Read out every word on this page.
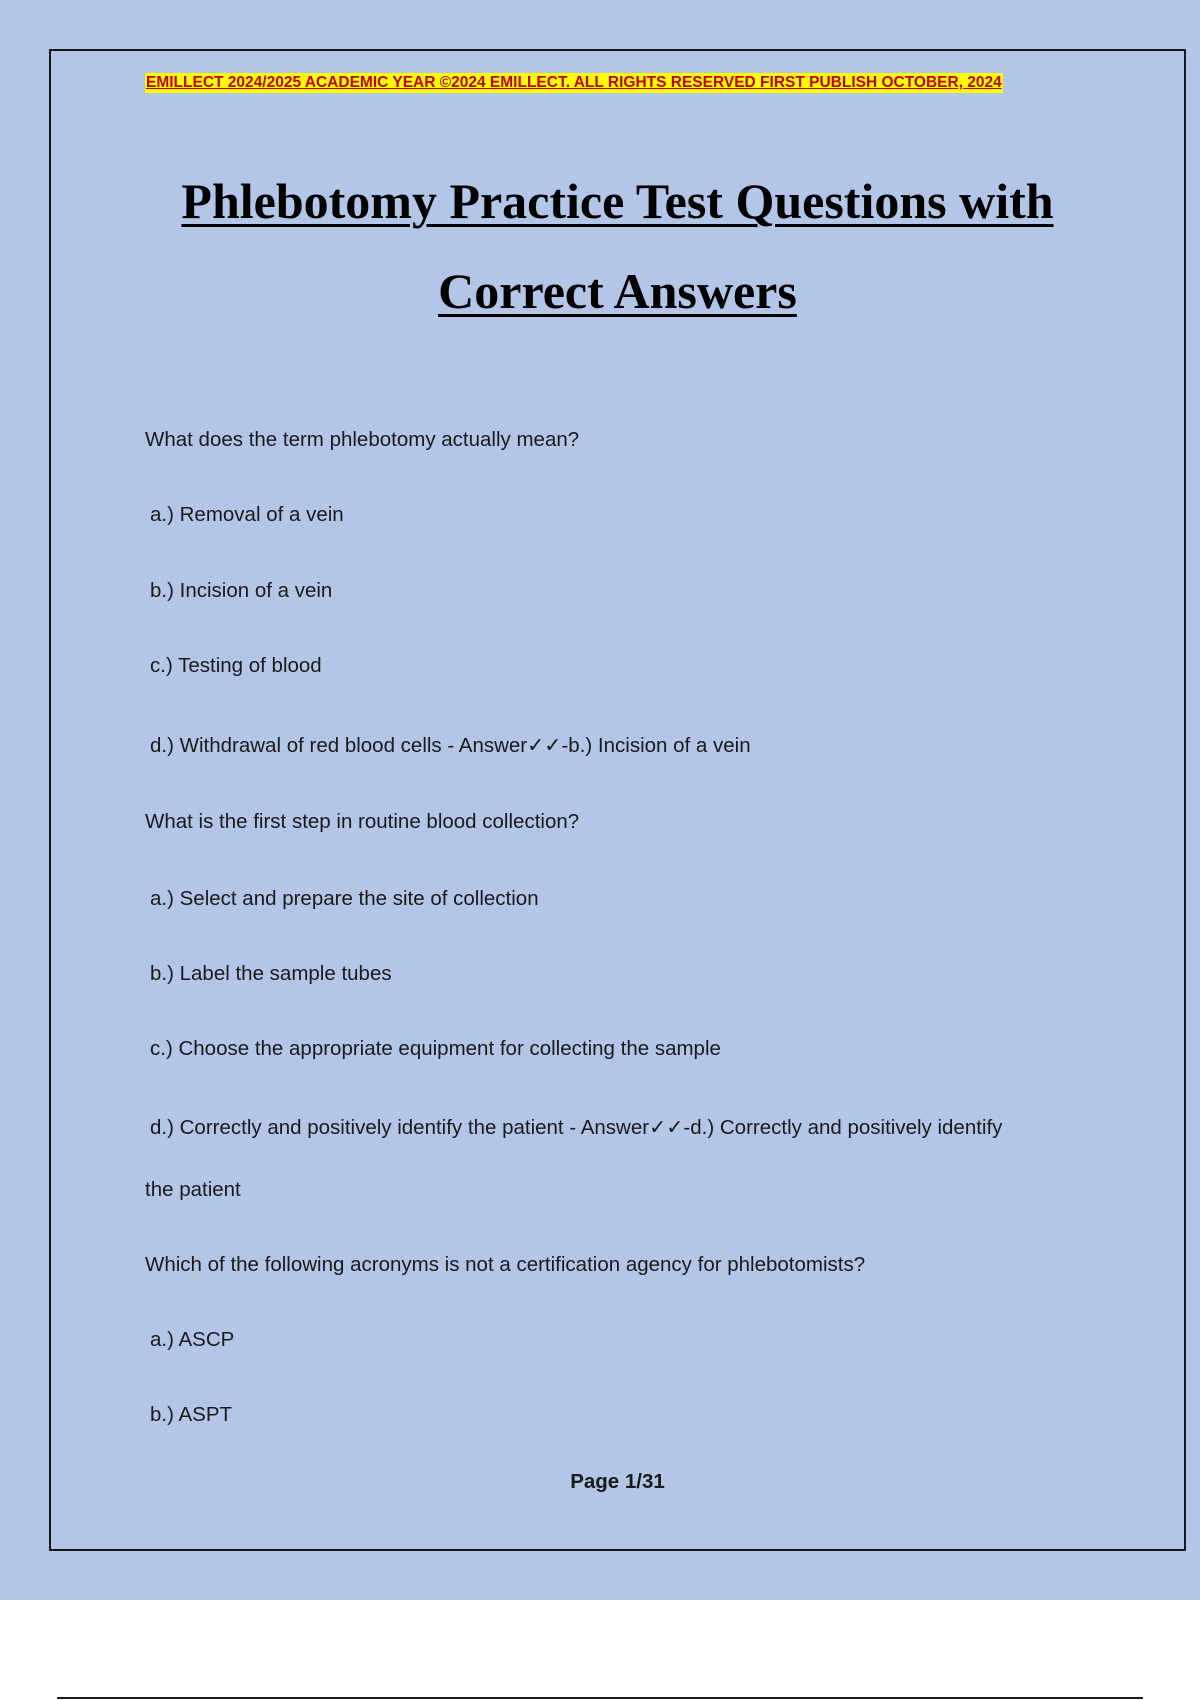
EMILLECT 2024/2025 ACADEMIC YEAR ©2024 EMILLECT. ALL RIGHTS RESERVED FIRST PUBLISH OCTOBER, 2024
Phlebotomy Practice Test Questions with
Correct Answers
What does the term phlebotomy actually mean?
a.) Removal of a vein
b.) Incision of a vein
c.) Testing of blood
d.) Withdrawal of red blood cells - Answer✓✓-b.) Incision of a vein
What is the first step in routine blood collection?
a.) Select and prepare the site of collection
b.) Label the sample tubes
c.) Choose the appropriate equipment for collecting the sample
d.) Correctly and positively identify the patient - Answer✓✓-d.) Correctly and positively identify
the patient
Which of the following acronyms is not a certification agency for phlebotomists?
a.) ASCP
b.) ASPT
Page 1/31
